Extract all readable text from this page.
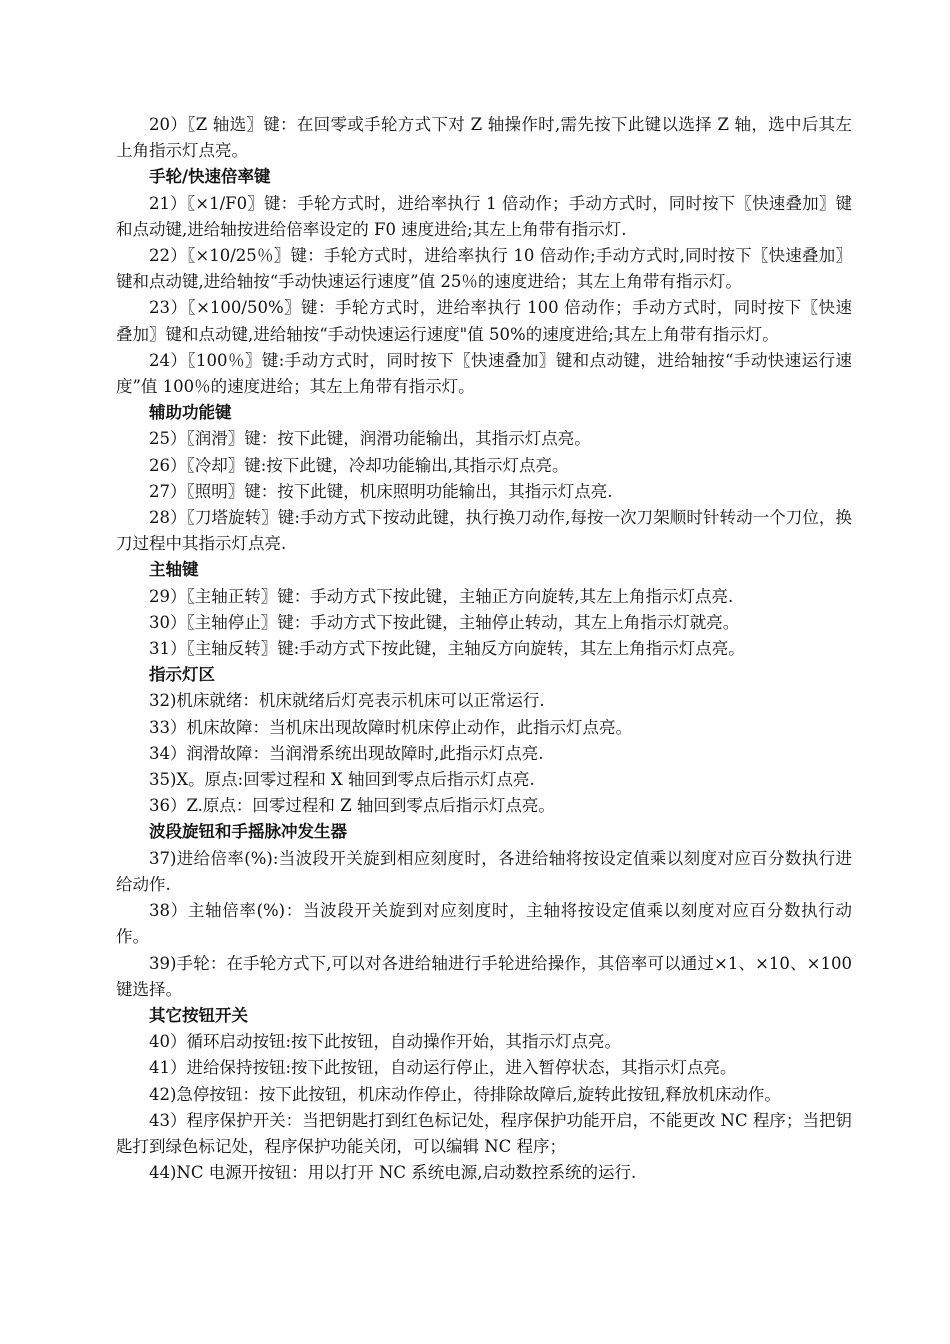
20）〖Z 轴选〗键：在回零或手轮方式下对 Z 轴操作时,需先按下此键以选择 Z 轴，选中后其左上角指示灯点亮。

手轮/快速倍率键

21）〖×1/F0〗键：手轮方式时，进给率执行 1 倍动作；手动方式时，同时按下〖快速叠加〗键和点动键,进给轴按进给倍率设定的 F0 速度进给;其左上角带有指示灯.

22）〖×10/25％〗键：手轮方式时，进给率执行 10 倍动作;手动方式时,同时按下〖快速叠加〗键和点动键,进给轴按“手动快速运行速度”值 25％的速度进给；其左上角带有指示灯。

23）〖×100/50%〗键：手轮方式时，进给率执行 100 倍动作；手动方式时，同时按下〖快速叠加〗键和点动键,进给轴按“手动快速运行速度"值 50%的速度进给;其左上角带有指示灯。

24）〖100％〗键:手动方式时，同时按下〖快速叠加〗键和点动键，进给轴按“手动快速运行速度”值 100％的速度进给；其左上角带有指示灯。

辅助功能键

25）〖润滑〗键：按下此键，润滑功能输出，其指示灯点亮。

26）〖冷却〗键:按下此键，冷却功能输出,其指示灯点亮。

27）〖照明〗键：按下此键，机床照明功能输出，其指示灯点亮.

28）〖刀塔旋转〗键:手动方式下按动此键，执行换刀动作,每按一次刀架顺时针转动一个刀位，换刀过程中其指示灯点亮.

主轴键

29）〖主轴正转〗键：手动方式下按此键，主轴正方向旋转,其左上角指示灯点亮.

30）〖主轴停止〗键：手动方式下按此键，主轴停止转动，其左上角指示灯就亮。

31）〖主轴反转〗键:手动方式下按此键，主轴反方向旋转，其左上角指示灯点亮。

指示灯区

32)机床就绪：机床就绪后灯亮表示机床可以正常运行.

33）机床故障：当机床出现故障时机床停止动作，此指示灯点亮。

34）润滑故障：当润滑系统出现故障时,此指示灯点亮.

35)X。原点:回零过程和 X 轴回到零点后指示灯点亮.

36）Z.原点：回零过程和 Z 轴回到零点后指示灯点亮。

波段旋钮和手摇脉冲发生器

37)进给倍率(%):当波段开关旋到相应刻度时，各进给轴将按设定值乘以刻度对应百分数执行进给动作.

38）主轴倍率(%)：当波段开关旋到对应刻度时，主轴将按设定值乘以刻度对应百分数执行动作。

39)手轮：在手轮方式下,可以对各进给轴进行手轮进给操作，其倍率可以通过×1、×10、×100 键选择。

其它按钮开关

40）循环启动按钮:按下此按钮，自动操作开始，其指示灯点亮。

41）进给保持按钮:按下此按钮，自动运行停止，进入暂停状态，其指示灯点亮。

42)急停按钮：按下此按钮，机床动作停止，待排除故障后,旋转此按钮,释放机床动作。

43）程序保护开关：当把钥匙打到红色标记处，程序保护功能开启，不能更改 NC 程序；当把钥匙打到绿色标记处，程序保护功能关闭，可以编辑 NC 程序；

44)NC 电源开按钮：用以打开 NC 系统电源,启动数控系统的运行.
